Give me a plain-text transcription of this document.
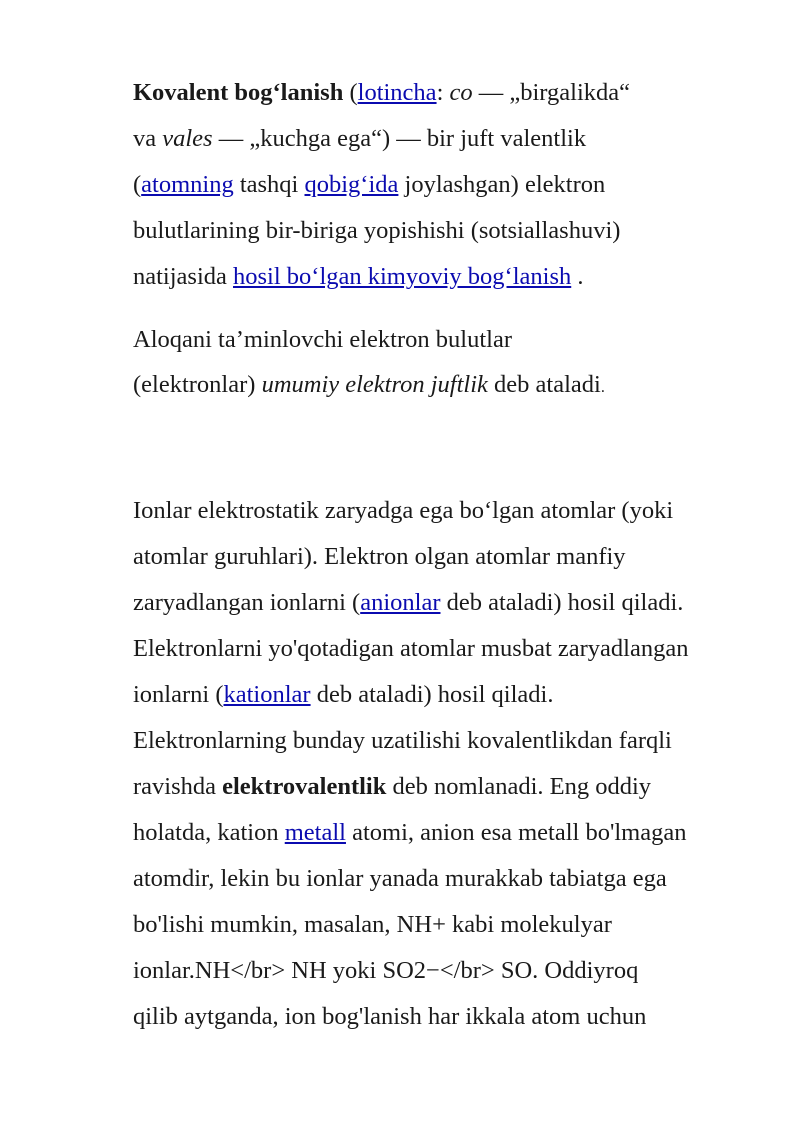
Kovalent bog‘lanish (lotincha: co — „birgalikda“
va vales — „kuchga ega“) — bir juft valentlik
(atomning tashqi qobig‘ida joylashgan) elektron
bulutlarining bir-biriga yopishishi (sotsiallashuvi)
natijasida hosil bo‘lgan kimyoviy bog‘lanish .
Aloqani ta’minlovchi elektron bulutlar
(elektronlar) umumiy elektron juftlik deb ataladi.
Ionlar elektrostatik zaryadga ega bo‘lgan atomlar (yoki
atomlar guruhlari). Elektron olgan atomlar manfiy
zaryadlangan ionlarni (anionlar deb ataladi) hosil qiladi.
Elektronlarni yo'qotadigan atomlar musbat zaryadlangan
ionlarni (kationlar deb ataladi) hosil qiladi.
Elektronlarning bunday uzatilishi kovalentlikdan farqli
ravishda elektrovalentlik deb nomlanadi. Eng oddiy
holatda, kation metall atomi, anion esa metall bo'lmagan
atomdir, lekin bu ionlar yanada murakkab tabiatga ega
bo'lishi mumkin, masalan, NH+ kabi molekulyar
ionlar.NH</br> NH yoki SO2−</br> SO. Oddiyroq
qilib aytganda, ion bog'lanish har ikkala atom uchun
